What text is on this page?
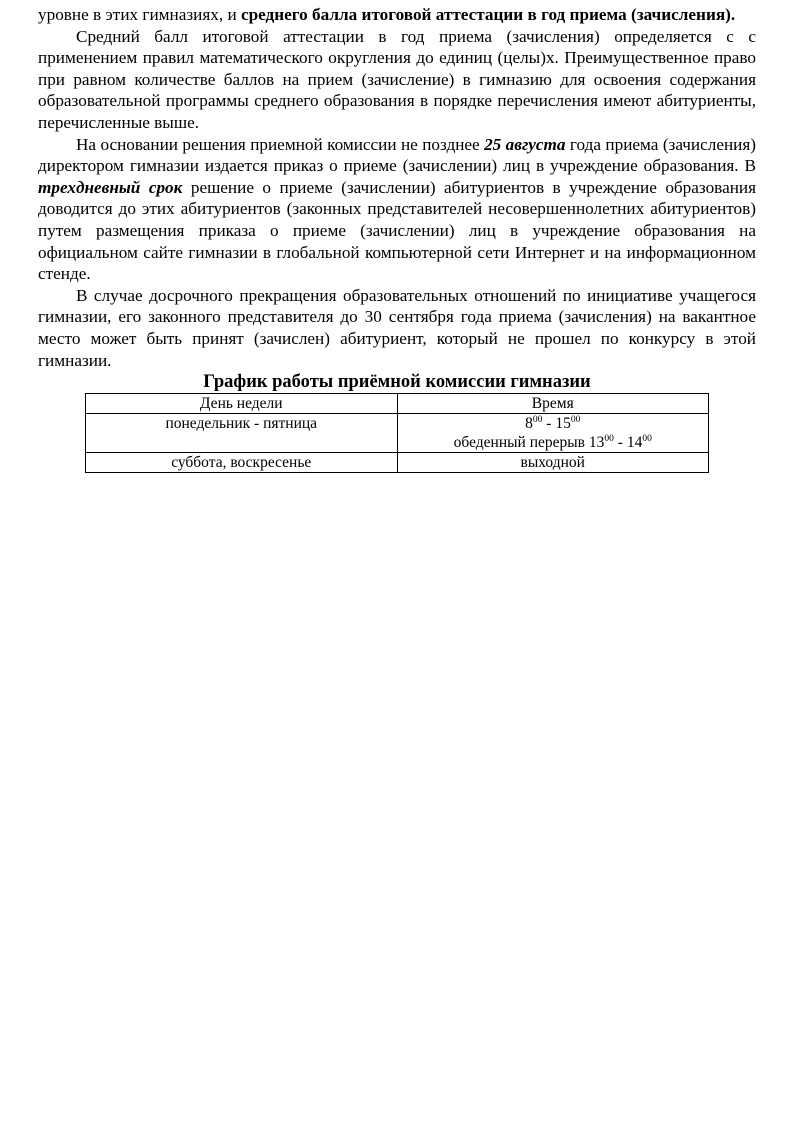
уровне в этих гимназиях, и среднего балла итоговой аттестации в год приема (зачисления).

Средний балл итоговой аттестации в год приема (зачисления) определяется с с применением правил математического округления до единиц (целы)х. Преимущественное право при равном количестве баллов на прием (зачисление) в гимназию для освоения содержания образовательной программы среднего образования в порядке перечисления имеют абитуриенты, перечисленные выше.

На основании решения приемной комиссии не позднее 25 августа года приема (зачисления) директором гимназии издается приказ о приеме (зачислении) лиц в учреждение образования. В трехдневный срок решение о приеме (зачислении) абитуриентов в учреждение образования доводится до этих абитуриентов (законных представителей несовершеннолетних абитуриентов) путем размещения приказа о приеме (зачислении) лиц в учреждение образования на официальном сайте гимназии в глобальной компьютерной сети Интернет и на информационном стенде.

В случае досрочного прекращения образовательных отношений по инициативе учащегося гимназии, его законного представителя до 30 сентября года приема (зачисления) на вакантное место может быть принят (зачислен) абитуриент, который не прошел по конкурсу в этой гимназии.

График работы приёмной комиссии гимназии
День недели	Время
понедельник - пятница	$8^{00} - 15^{00}$
обеденный перерыв $13^{00} - 14^{00}$

суббота, воскресенье	выходной
